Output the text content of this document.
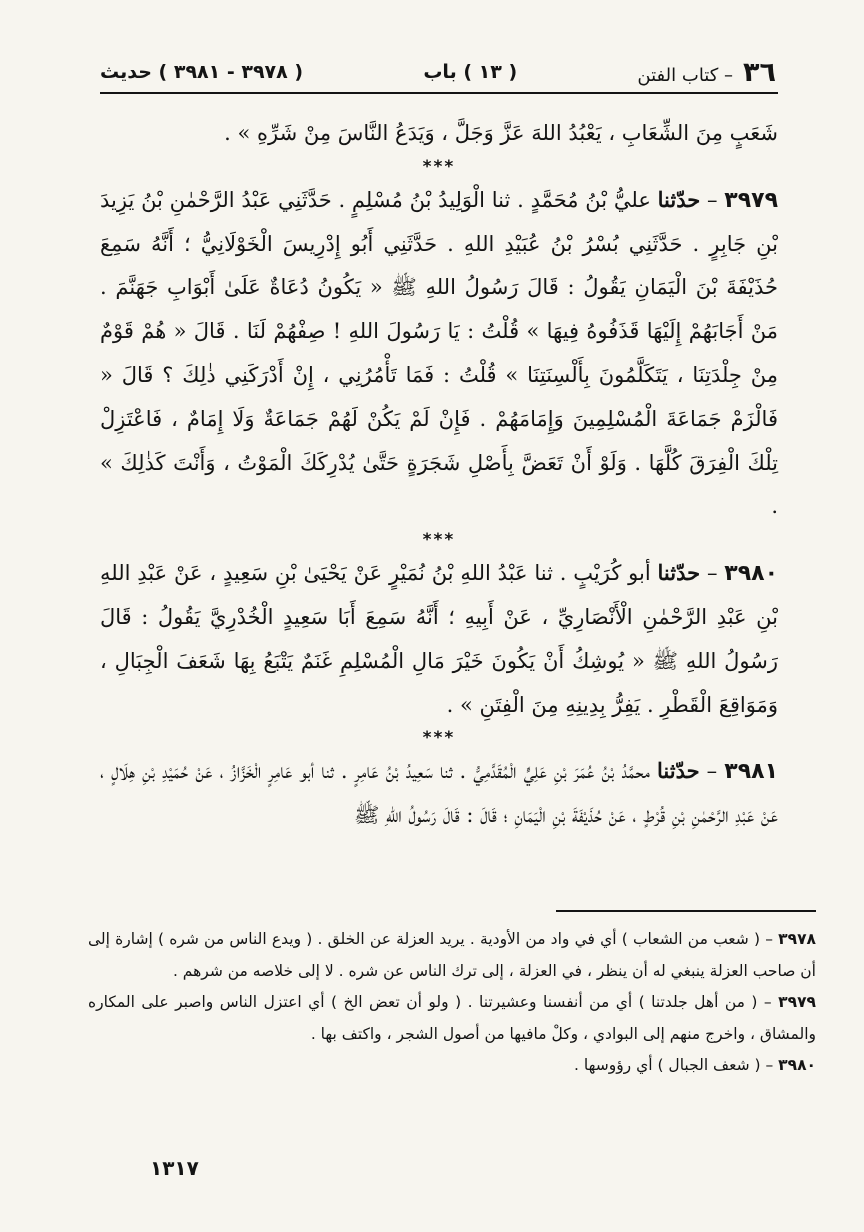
٣٦
– كتاب الفتن
( ١٣ ) باب
( ٣٩٧٨ - ٣٩٨١ ) حديث

شَعَبٍ مِنَ الشِّعَابِ ، يَعْبُدُ اللهَ عَزَّ وَجَلَّ ، وَيَدَعُ النَّاسَ مِنْ شَرِّهِ » .

***

٣٩٧٩ – حدّثنا عليُّ بْنُ مُحَمَّدٍ . ثنا الْوَلِيدُ بْنُ مُسْلِمٍ . حَدَّثَنِي عَبْدُ الرَّحْمٰنِ بْنُ يَزِيدَ بْنِ جَابِرٍ . حَدَّثَنِي بُسْرُ بْنُ عُبَيْدِ اللهِ . حَدَّثَنِي أَبُو إِدْرِيسَ الْخَوْلَانِيُّ ؛ أَنَّهُ سَمِعَ حُذَيْفَةَ بْنَ الْيَمَانِ يَقُولُ : قَالَ رَسُولُ اللهِ ﷺ « يَكُونُ دُعَاةٌ عَلَىٰ أَبْوَابِ جَهَنَّمَ . مَنْ أَجَابَهُمْ إِلَيْهَا قَذَفُوهُ فِيهَا » قُلْتُ : يَا رَسُولَ اللهِ ! صِفْهُمْ لَنَا . قَالَ « هُمْ قَوْمٌ مِنْ جِلْدَتِنَا ، يَتَكَلَّمُونَ بِأَلْسِنَتِنَا » قُلْتُ : فَمَا تَأْمُرُنِي ، إِنْ أَدْرَكَنِي ذٰلِكَ ؟ قَالَ « فَالْزَمْ جَمَاعَةَ الْمُسْلِمِينَ وَإِمَامَهُمْ . فَإِنْ لَمْ يَكُنْ لَهُمْ جَمَاعَةٌ وَلَا إِمَامٌ ، فَاعْتَزِلْ تِلْكَ الْفِرَقَ كُلَّهَا . وَلَوْ أَنْ تَعَضَّ بِأَصْلِ شَجَرَةٍ حَتَّىٰ يُدْرِكَكَ الْمَوْتُ ، وَأَنْتَ كَذٰلِكَ » .

***

٣٩٨٠ – حدّثنا أبو كُرَيْبٍ . ثنا عَبْدُ اللهِ بْنُ نُمَيْرٍ عَنْ يَحْيَىٰ بْنِ سَعِيدٍ ، عَنْ عَبْدِ اللهِ بْنِ عَبْدِ الرَّحْمٰنِ الْأَنْصَارِيِّ ، عَنْ أَبِيهِ ؛ أَنَّهُ سَمِعَ أَبَا سَعِيدٍ الْخُدْرِيَّ يَقُولُ : قَالَ رَسُولُ اللهِ ﷺ « يُوشِكُ أَنْ يَكُونَ خَيْرَ مَالِ الْمُسْلِمِ غَنَمٌ يَتْبَعُ بِهَا شَعَفَ الْجِبَالِ ، وَمَوَاقِعَ الْقَطْرِ . يَفِرُّ بِدِينِهِ مِنَ الْفِتَنِ » .

***

٣٩٨١ – حدّثنا محمَّدُ بْنُ عُمَرَ بْنِ عَلِيٍّ الْمُقَدَّمِيُّ . ثنا سَعِيدُ بْنُ عَامِرٍ . ثنا أبو عَامِرٍ الْخَزَّازُ ، عَنْ حُمَيْدِ بْنِ هِلَالٍ ، عَنْ عَبْدِ الرَّحْمٰنِ بْنِ قُرْطٍ ، عَنْ حُذَيْفَةَ بْنِ الْيَمَانِ ؛ قَالَ : قَالَ رَسُولُ اللهِ ﷺ

٣٩٧٨ – ( شعب من الشعاب ) أي في واد من الأودية . يريد العزلة عن الخلق . ( ويدع الناس من شره ) إشارة إلى أن صاحب العزلة ينبغي له أن ينظر ، في العزلة ، إلى ترك الناس عن شره . لا إلى خلاصه من شرهم .

٣٩٧٩ – ( من أهل جلدتنا ) أي من أنفسنا وعشيرتنا . ( ولو أن تعض الخ ) أي اعتزل الناس واصبر على المكاره والمشاق ، واخرج منهم إلى البوادي ، وكلْ مافيها من أصول الشجر ، واكتف بها .

٣٩٨٠ – ( شعف الجبال ) أي رؤوسها .

١٣١٧
